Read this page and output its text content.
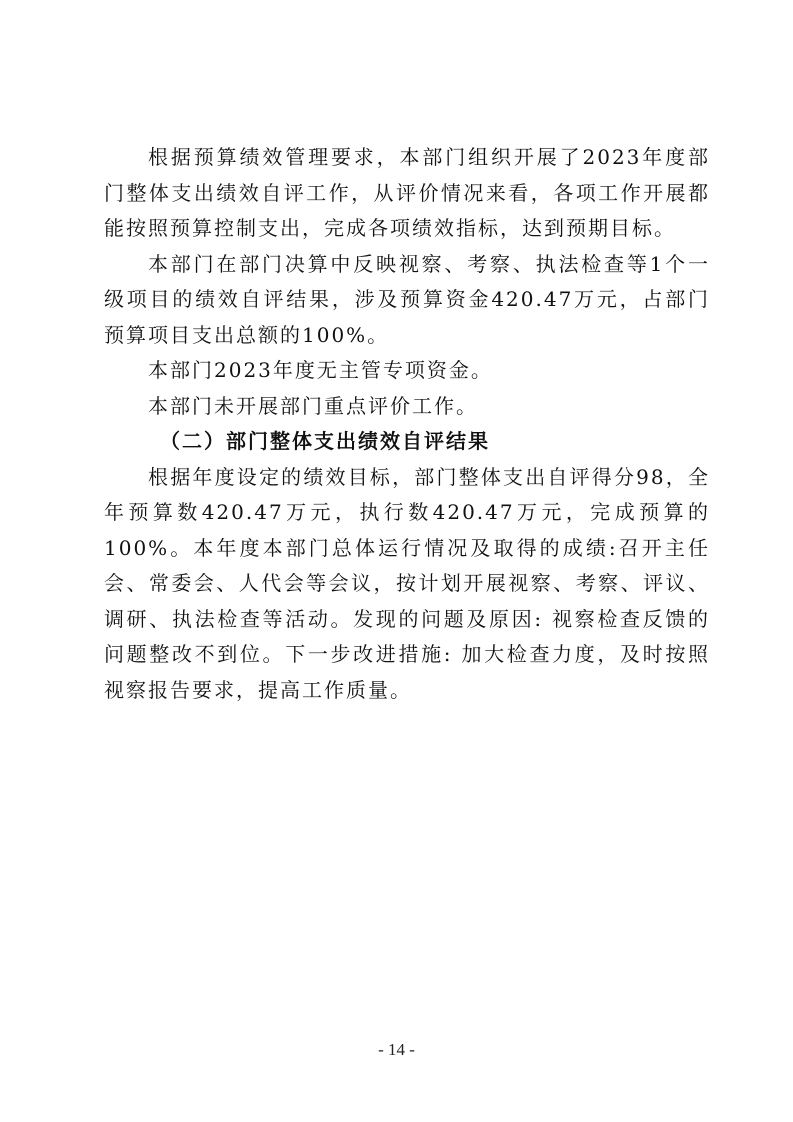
根据预算绩效管理要求，本部门组织开展了2023年度部门整体支出绩效自评工作，从评价情况来看，各项工作开展都能按照预算控制支出，完成各项绩效指标，达到预期目标。

本部门在部门决算中反映视察、考察、执法检查等1个一级项目的绩效自评结果，涉及预算资金420.47万元，占部门预算项目支出总额的100%。

本部门2023年度无主管专项资金。

本部门未开展部门重点评价工作。

（二）部门整体支出绩效自评结果

根据年度设定的绩效目标，部门整体支出自评得分98，全年预算数420.47万元，执行数420.47万元，完成预算的100%。本年度本部门总体运行情况及取得的成绩:召开主任会、常委会、人代会等会议，按计划开展视察、考察、评议、调研、执法检查等活动。发现的问题及原因: 视察检查反馈的问题整改不到位。下一步改进措施: 加大检查力度，及时按照视察报告要求，提高工作质量。

- 14 -
